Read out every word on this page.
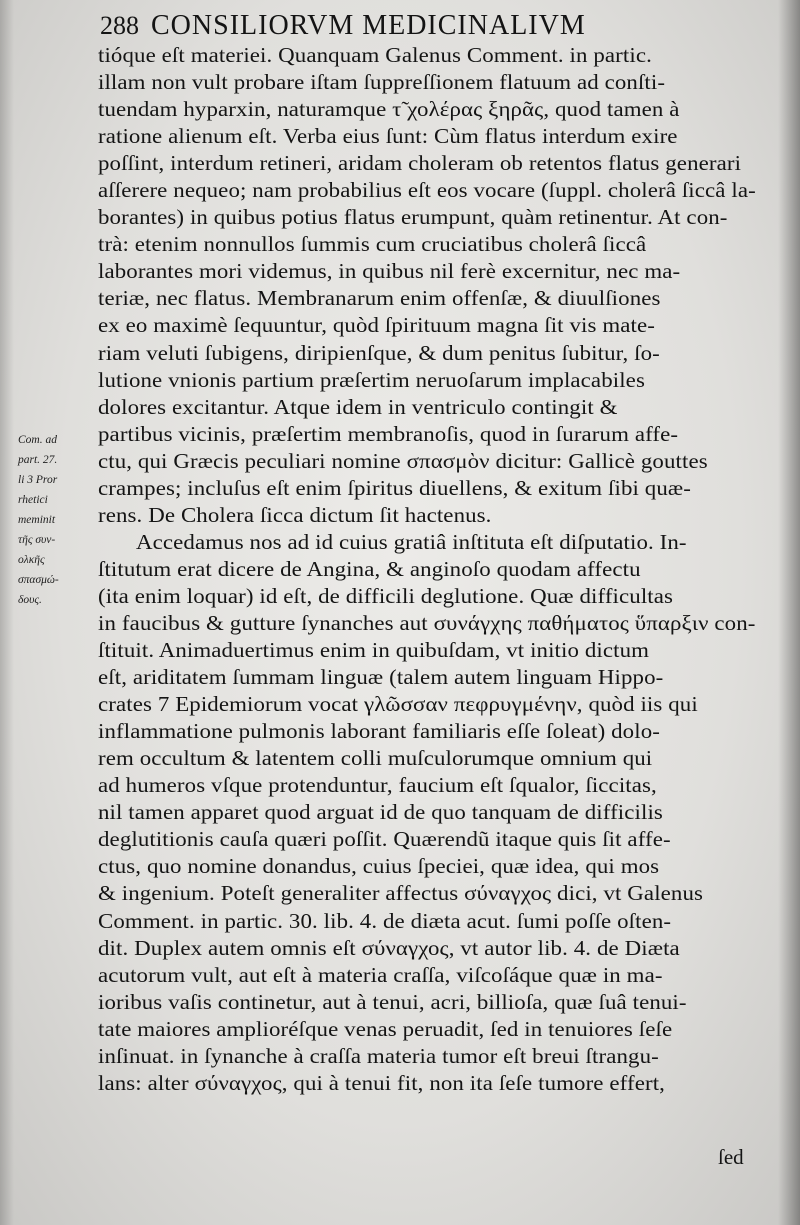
288 CONSILIORVM MEDICINALIVM
Com. ad
part. 27.
li 3 Pror
rhetici
meminit
τῆς συν-
ολκῆς
σπασμώ-
δους.
tióque eſt materiei. Quanquam Galenus Comment. in partic.
illam non vult probare iſtam ſuppreſſionem flatuum ad conſti-
tuendam hyparxin, naturamque τ̃ χολέρας ξηρᾶς, quod tamen à
ratione alienum eſt. Verba eius ſunt: Cùm flatus interdum exire
poſſint, interdum retineri, aridam choleram ob retentos flatus generari
aſſerere nequeo; nam probabilius eſt eos vocare (ſuppl. cholerâ ſiccâ la-
borantes) in quibus potius flatus erumpunt, quàm retinentur. At con-
trà: etenim nonnullos ſummis cum cruciatibus cholerâ ſiccâ
laborantes mori videmus, in quibus nil ferè excernitur, nec ma-
teriæ, nec flatus. Membranarum enim offenſæ, & diuulſiones
ex eo maximè ſequuntur, quòd ſpirituum magna ſit vis mate-
riam veluti ſubigens, diripienſque, & dum penitus ſubitur, ſo-
lutione vnionis partium præſertim neruoſarum implacabiles
dolores excitantur. Atque idem in ventriculo contingit &
partibus vicinis, præſertim membranoſis, quod in ſurarum affe-
ctu, qui Græcis peculiari nomine σπασμὸν dicitur: Gallicè gouttes
crampes; incluſus eſt enim ſpiritus diuellens, & exitum ſibi quæ-
rens. De Cholera ſicca dictum ſit hactenus.
Accedamus nos ad id cuius gratiâ inſtituta eſt diſputatio. In-
ſtitutum erat dicere de Angina, & anginoſo quodam affectu
(ita enim loquar) id eſt, de difficili deglutione. Quæ difficultas
in faucibus & gutture ſynanches aut συνάγχης παθήματος ὕπαρξιν con-
ſtituit. Animaduertimus enim in quibuſdam, vt initio dictum
eſt, ariditatem ſummam linguæ (talem autem linguam Hippo-
crates 7 Epidemiorum vocat γλῶσσαν πεφρυγμένην, quòd iis qui
inflammatione pulmonis laborant familiaris eſſe ſoleat) dolo-
rem occultum & latentem colli muſculorumque omnium qui
ad humeros vſque protenduntur, faucium eſt ſqualor, ſiccitas,
nil tamen apparet quod arguat id de quo tanquam de difficilis
deglutitionis cauſa quæri poſſit. Quærendũ itaque quis ſit affe-
ctus, quo nomine donandus, cuius ſpeciei, quæ idea, qui mos
& ingenium. Poteſt generaliter affectus σύναγχος dici, vt Galenus
Comment. in partic. 30. lib. 4. de diæta acut. ſumi poſſe oſten-
dit. Duplex autem omnis eſt σύναγχος, vt autor lib. 4. de Diæta
acutorum vult, aut eſt à materia craſſa, viſcoſáque quæ in ma-
ioribus vaſis continetur, aut à tenui, acri, billioſa, quæ ſuâ tenui-
tate maiores amplioréſque venas peruadit, ſed in tenuiores ſeſe
inſinuat. in ſynanche à craſſa materia tumor eſt breui ſtrangu-
lans: alter σύναγχος, qui à tenui fit, non ita ſeſe tumore effert,
ſed
